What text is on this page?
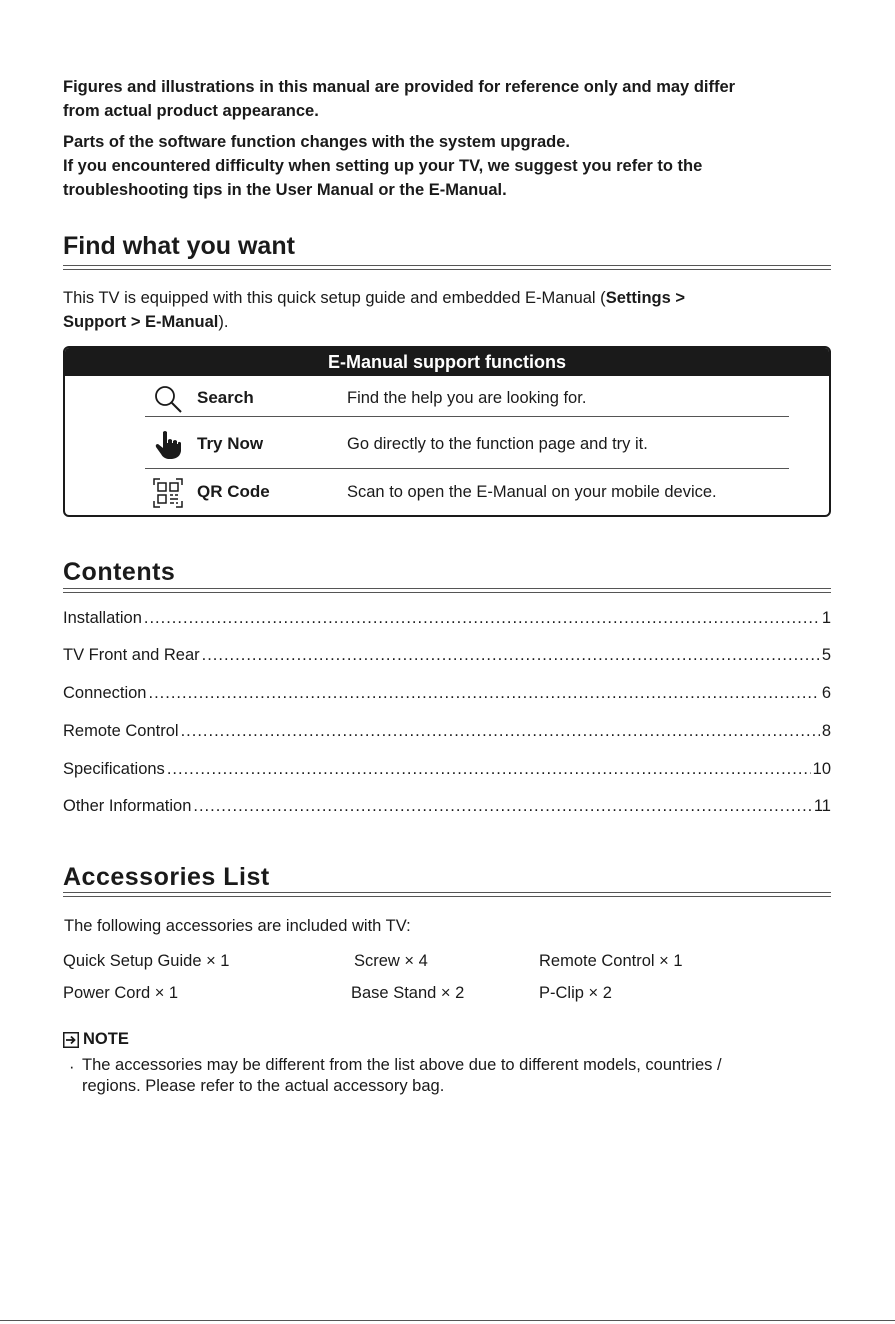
Figures and illustrations in this manual are provided for reference only and may differ

from actual product appearance.

Parts of the software function changes with the system upgrade.

If you encountered difficulty when setting up your TV, we suggest you refer to the

troubleshooting tips in the User Manual or the E-Manual.

Find what you want
This TV is equipped with this quick setup guide and embedded E-Manual (Settings >
Support > E-Manual).
E-Manual support functions
Search	Find the help you are looking for.
Try Now	Go directly to the function page and try it.
QR Code	Scan to open the E-Manual on your mobile device.
Contents
Installation .....	1
TV Front and Rear .....	5
Connection .....	6
Remote Control .....	8
Specifications .....	10
Other Information .....	11
Accessories List
The following accessories are included with TV:
Quick Setup Guide × 1	Screw × 4	Remote Control × 1
Power Cord × 1	Base Stand × 2	P-Clip × 2
NOTE
· The accessories may be different from the list above due to different models, countries /
regions. Please refer to the actual accessory bag.
